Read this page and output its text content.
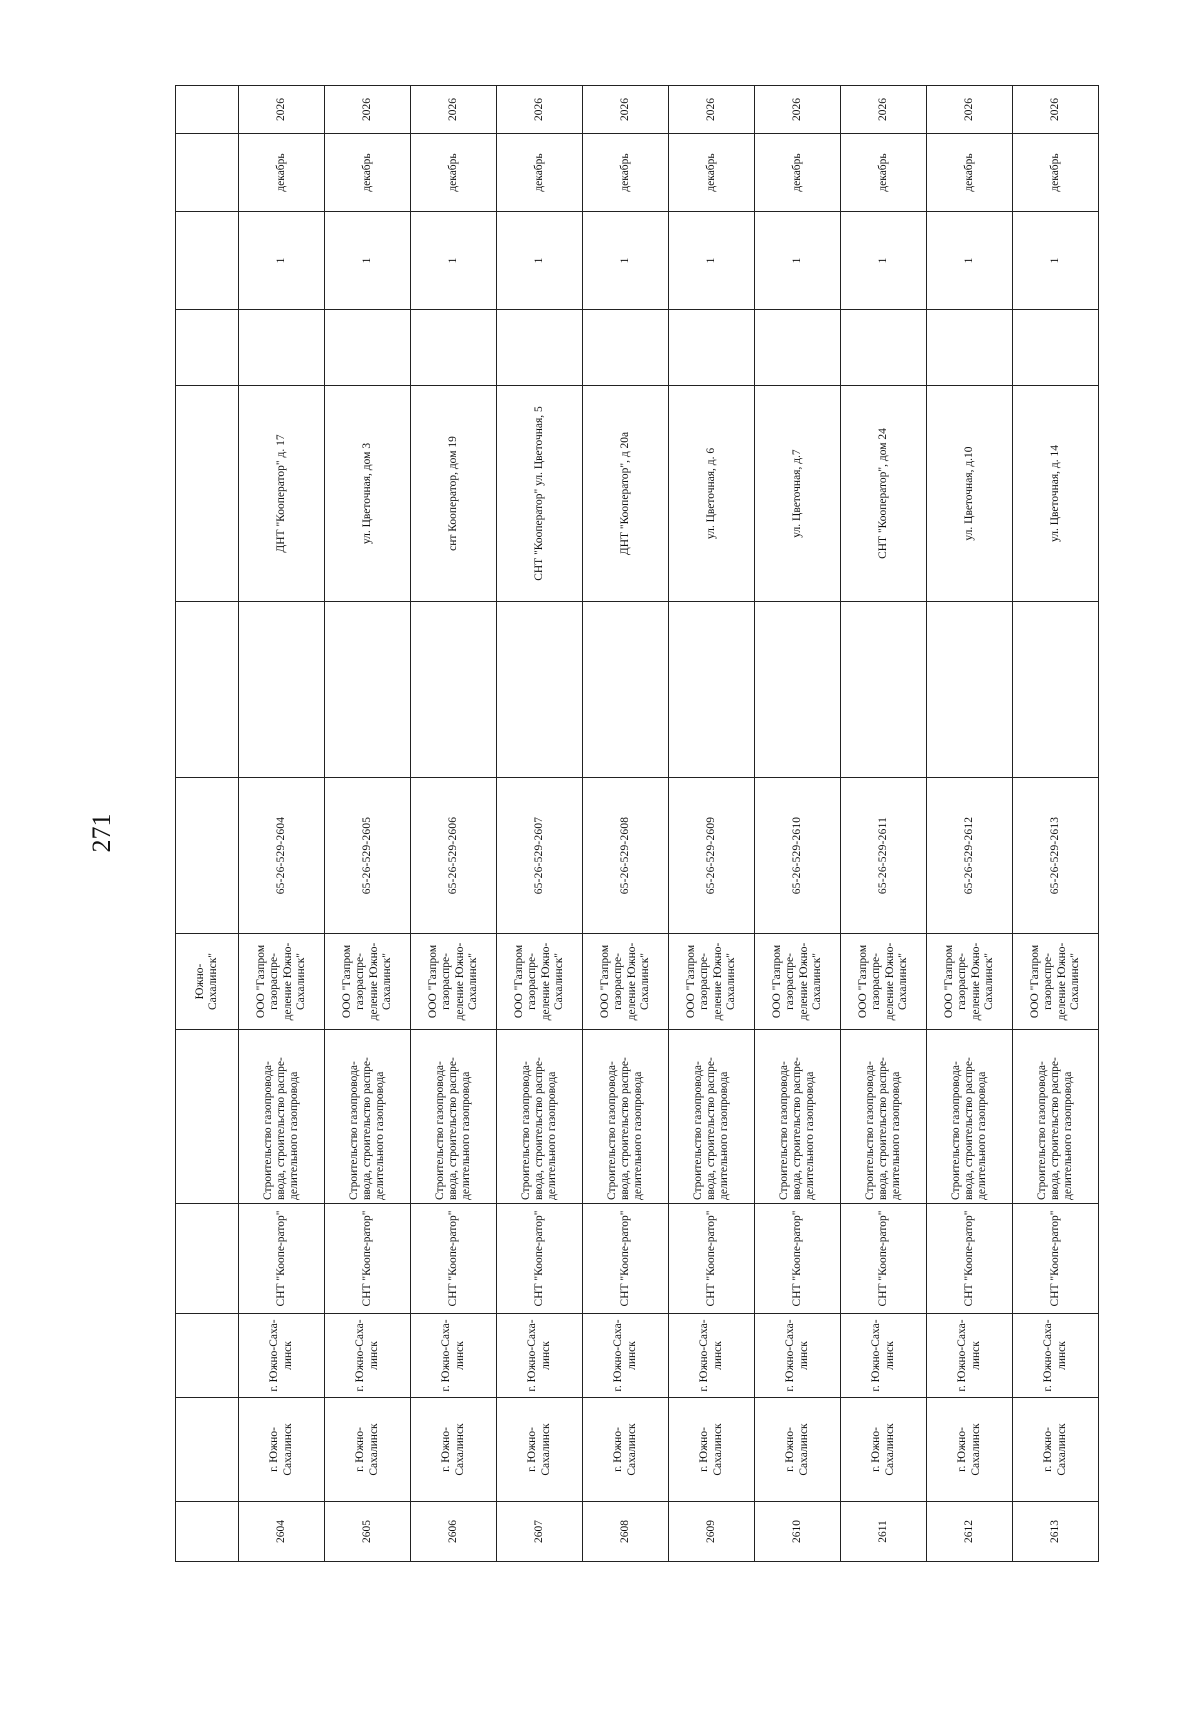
271
					Южно-Сахалинск"							
2604	г. Южно-Сахалинск	г. Южно-Саха-линск	СНТ "Коопе-ратор"	Строительство газопровода-ввода, строительство распре-делительного газопровода	ООО "Газпром газораспре-деление Южно-Сахалинск"	65-26-529-2604		ДНТ "Кооператор" д. 17		1	декабрь	2026
2605	г. Южно-Сахалинск	г. Южно-Саха-линск	СНТ "Коопе-ратор"	Строительство газопровода-ввода, строительство распре-делительного газопровода	ООО "Газпром газораспре-деление Южно-Сахалинск"	65-26-529-2605		ул. Цветочная, дом 3		1	декабрь	2026
2606	г. Южно-Сахалинск	г. Южно-Саха-линск	СНТ "Коопе-ратор"	Строительство газопровода-ввода, строительство распре-делительного газопровода	ООО "Газпром газораспре-деление Южно-Сахалинск"	65-26-529-2606		снт Кооператор, дом 19		1	декабрь	2026
2607	г. Южно-Сахалинск	г. Южно-Саха-линск	СНТ "Коопе-ратор"	Строительство газопровода-ввода, строительство распре-делительного газопровода	ООО "Газпром газораспре-деление Южно-Сахалинск"	65-26-529-2607		СНТ "Кооператор" ул. Цветочная, 5		1	декабрь	2026
2608	г. Южно-Сахалинск	г. Южно-Саха-линск	СНТ "Коопе-ратор"	Строительство газопровода-ввода, строительство распре-делительного газопровода	ООО "Газпром газораспре-деление Южно-Сахалинск"	65-26-529-2608		ДНТ "Кооператор", д 20а		1	декабрь	2026
2609	г. Южно-Сахалинск	г. Южно-Саха-линск	СНТ "Коопе-ратор"	Строительство газопровода-ввода, строительство распре-делительного газопровода	ООО "Газпром газораспре-деление Южно-Сахалинск"	65-26-529-2609		ул. Цветочная, д. 6		1	декабрь	2026
2610	г. Южно-Сахалинск	г. Южно-Саха-линск	СНТ "Коопе-ратор"	Строительство газопровода-ввода, строительство распре-делительного газопровода	ООО "Газпром газораспре-деление Южно-Сахалинск"	65-26-529-2610		ул. Цветочная, д.7		1	декабрь	2026
2611	г. Южно-Сахалинск	г. Южно-Саха-линск	СНТ "Коопе-ратор"	Строительство газопровода-ввода, строительство распре-делительного газопровода	ООО "Газпром газораспре-деление Южно-Сахалинск"	65-26-529-2611		СНТ "Кооператор", дом 24		1	декабрь	2026
2612	г. Южно-Сахалинск	г. Южно-Саха-линск	СНТ "Коопе-ратор"	Строительство газопровода-ввода, строительство распре-делительного газопровода	ООО "Газпром газораспре-деление Южно-Сахалинск"	65-26-529-2612		ул. Цветочная, д.10		1	декабрь	2026
2613	г. Южно-Сахалинск	г. Южно-Саха-линск	СНТ "Коопе-ратор"	Строительство газопровода-ввода, строительство распре-делительного газопровода	ООО "Газпром газораспре-деление Южно-Сахалинск"	65-26-529-2613		ул. Цветочная, д. 14		1	декабрь	2026
